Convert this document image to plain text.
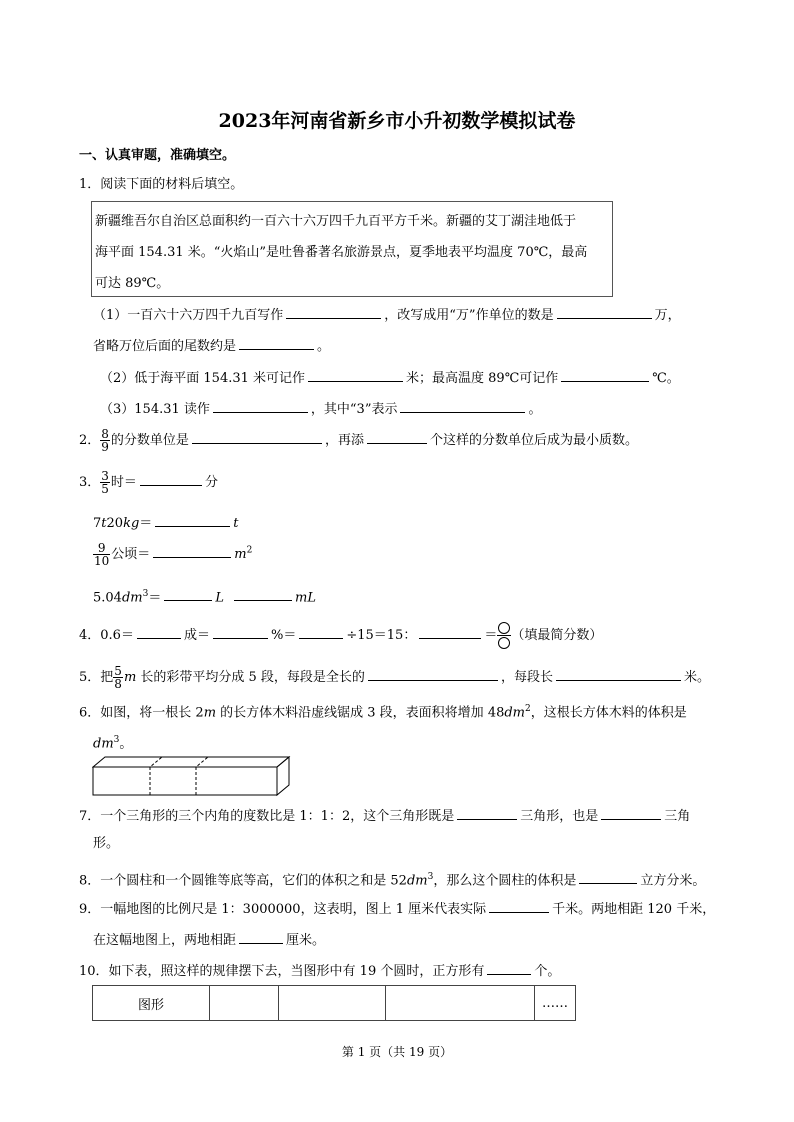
2023年河南省新乡市小升初数学模拟试卷
一、认真审题，准确填空。
1．阅读下面的材料后填空。
新疆维吾尔自治区总面积约一百六十六万四千九百平方千米。新疆的艾丁湖洼地低于
海平面 154.31 米。“火焰山”是吐鲁番著名旅游景点，夏季地表平均温度 70℃，最高
可达 89℃。
（1）一百六十六万四千九百写作	，改写成用“万”作单位的数是	万，
省略万位后面的尾数约是	。
（2）低于海平面 154.31 米可记作	米；最高温度 89℃可记作	℃。
（3）154.31 读作	，其中“3”表示	。
2． $\frac{8}{9}$ 的分数单位是	，再添	个这样的分数单位后成为最小质数。
3． $\frac{3}{5}$ 时＝	分
7t20kg＝	t
$\frac{9}{10}$ 公顷＝	$m^2$
$5.04dm^3=$	L	mL
4．0.6＝	成＝	%＝	÷15＝15：	＝ （填最简分数）
5．把 $\frac{5}{8}$ m 长的彩带平均分成 5 段，每段是全长的	，每段长	米。
6．如图，将一根长 2m 的长方体木料沿虚线锯成 3 段，表面积将增加 $48dm^2$，这根长方体木料的体积是
$dm^3$。
7．一个三角形的三个内角的度数比是 1：1：2，这个三角形既是	三角形，也是	三角
形。
8．一个圆柱和一个圆锥等底等高，它们的体积之和是 $52dm^3$，那么这个圆柱的体积是	立方分米。
9．一幅地图的比例尺是 1：3000000，这表明，图上 1 厘米代表实际	千米。两地相距 120 千米，
在这幅地图上，两地相距	厘米。
10．如下表，照这样的规律摆下去，当图形中有 19 个圆时，正方形有	个。
图形				……
第 1 页（共 19 页）
